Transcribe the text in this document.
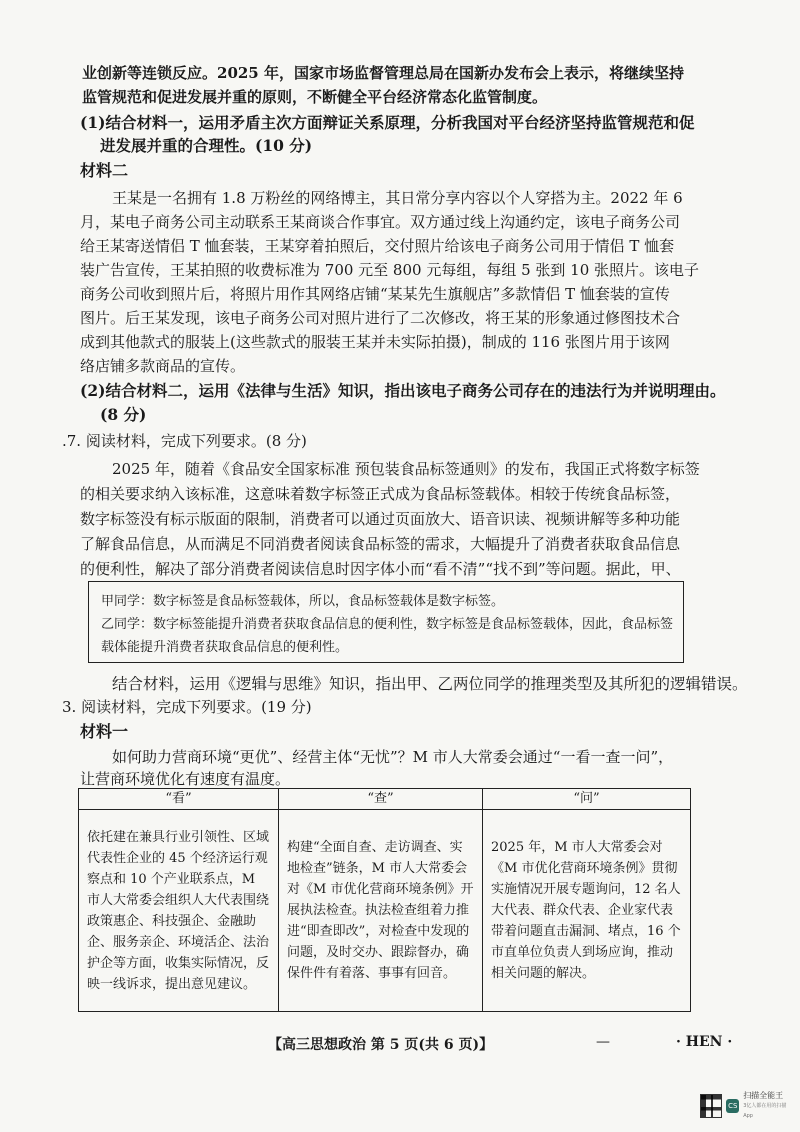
业创新等连锁反应。2025 年，国家市场监督管理总局在国新办发布会上表示，将继续坚持

监管规范和促进发展并重的原则，不断健全平台经济常态化监管制度。

(1)结合材料一，运用矛盾主次方面辩证关系原理，分析我国对平台经济坚持监管规范和促

进发展并重的合理性。(10 分)

材料二

王某是一名拥有 1.8 万粉丝的网络博主，其日常分享内容以个人穿搭为主。2022 年 6

月，某电子商务公司主动联系王某商谈合作事宜。双方通过线上沟通约定，该电子商务公司

给王某寄送情侣 T 恤套装，王某穿着拍照后，交付照片给该电子商务公司用于情侣 T 恤套

装广告宣传，王某拍照的收费标准为 700 元至 800 元每组，每组 5 张到 10 张照片。该电子

商务公司收到照片后，将照片用作其网络店铺“某某先生旗舰店”多款情侣 T 恤套装的宣传

图片。后王某发现，该电子商务公司对照片进行了二次修改，将王某的形象通过修图技术合

成到其他款式的服装上(这些款式的服装王某并未实际拍摄)，制成的 116 张图片用于该网

络店铺多款商品的宣传。

(2)结合材料二，运用《法律与生活》知识，指出该电子商务公司存在的违法行为并说明理由。

(8 分)

.7. 阅读材料，完成下列要求。(8 分)

2025 年，随着《食品安全国家标准 预包装食品标签通则》的发布，我国正式将数字标签

的相关要求纳入该标准，这意味着数字标签正式成为食品标签载体。相较于传统食品标签，

数字标签没有标示版面的限制，消费者可以通过页面放大、语音识读、视频讲解等多种功能

了解食品信息，从而满足不同消费者阅读食品标签的需求，大幅提升了消费者获取食品信息

的便利性，解决了部分消费者阅读信息时因字体小而“看不清”“找不到”等问题。据此，甲、

甲同学：数字标签是食品标签载体，所以，食品标签载体是数字标签。

乙同学：数字标签能提升消费者获取食品信息的便利性，数字标签是食品标签载体，因此，食品标签

载体能提升消费者获取食品信息的便利性。

结合材料，运用《逻辑与思维》知识，指出甲、乙两位同学的推理类型及其所犯的逻辑错误。

3. 阅读材料，完成下列要求。(19 分)

材料一

如何助力营商环境“更优”、经营主体“无忧”？M 市人大常委会通过“一看一查一问”，

让营商环境优化有速度有温度。

“看”	“查”	“问”
依托建在兼具行业引领性、区域代表性企业的 45 个经济运行观察点和 10 个产业联系点，M 市人大常委会组织人大代表围绕政策惠企、科技强企、金融助企、服务亲企、环境活企、法治护企等方面，收集实际情况，反映一线诉求，提出意见建议。	构建“全面自查、走访调查、实地检查”链条，M 市人大常委会对《M 市优化营商环境条例》开展执法检查。执法检查组着力推进“即查即改”，对检查中发现的问题，及时交办、跟踪督办，确保件件有着落、事事有回音。	2025 年，M 市人大常委会对《M 市优化营商环境条例》贯彻实施情况开展专题询问，12 名人大代表、群众代表、企业家代表带着问题直击漏洞、堵点，16 个市直单位负责人到场应询，推动相关问题的解决。
【高三思想政治 第 5 页(共 6 页)】	—	· HEN ·
CS
扫描全能王
3亿人都在用的扫描App
